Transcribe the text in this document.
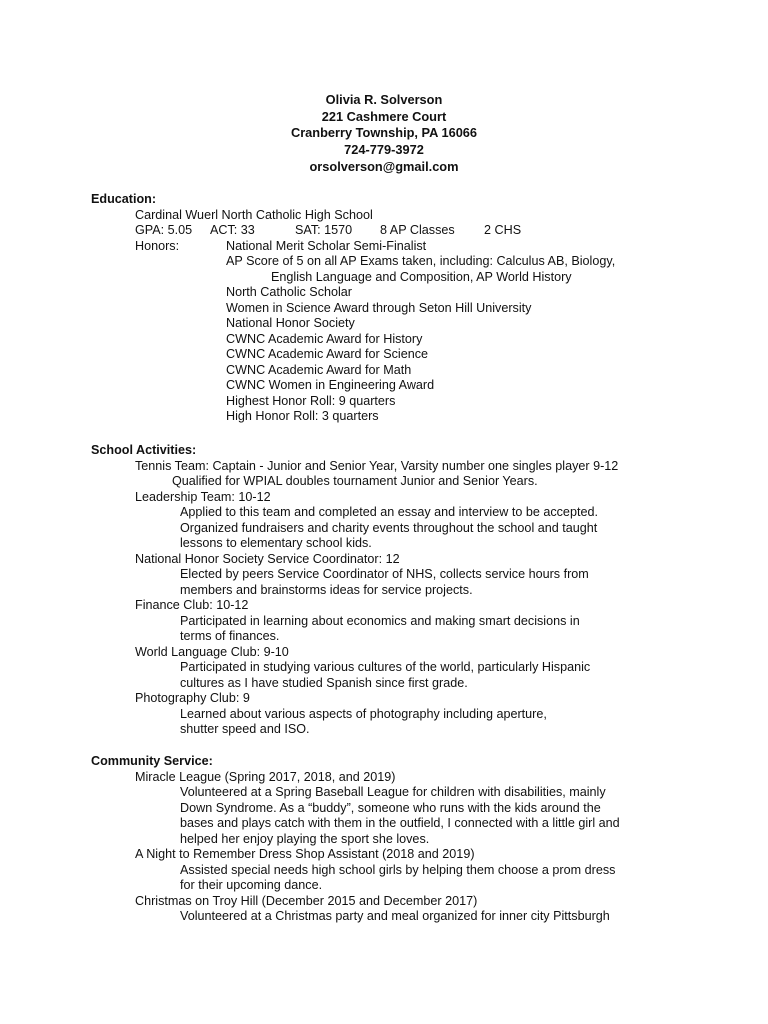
Olivia R. Solverson
221 Cashmere Court
Cranberry Township, PA 16066
724-779-3972
orsolverson@gmail.com
Education:
Cardinal Wuerl North Catholic High School
GPA: 5.05 ACT: 33	SAT: 1570 8 AP Classes 2 CHS
Honors:	National Merit Scholar Semi-Finalist
AP Score of 5 on all AP Exams taken, including: Calculus AB, Biology,
English Language and Composition, AP World History
North Catholic Scholar
Women in Science Award through Seton Hill University
National Honor Society
CWNC Academic Award for History
CWNC Academic Award for Science
CWNC Academic Award for Math
CWNC Women in Engineering Award
Highest Honor Roll: 9 quarters
High Honor Roll: 3 quarters
School Activities:
Tennis Team: Captain - Junior and Senior Year, Varsity number one singles player 9-12
Qualified for WPIAL doubles tournament Junior and Senior Years.
Leadership Team: 10-12
Applied to this team and completed an essay and interview to be accepted.
Organized fundraisers and charity events throughout the school and taught
lessons to elementary school kids.
National Honor Society Service Coordinator: 12
Elected by peers Service Coordinator of NHS, collects service hours from
members and brainstorms ideas for service projects.
Finance Club: 10-12
Participated in learning about economics and making smart decisions in
terms of finances.
World Language Club: 9-10
Participated in studying various cultures of the world, particularly Hispanic
cultures as I have studied Spanish since first grade.
Photography Club: 9
Learned about various aspects of photography including aperture,
shutter speed and ISO.
Community Service:
Miracle League (Spring 2017, 2018, and 2019)
Volunteered at a Spring Baseball League for children with disabilities, mainly
Down Syndrome. As a “buddy”, someone who runs with the kids around the
bases and plays catch with them in the outfield, I connected with a little girl and
helped her enjoy playing the sport she loves.
A Night to Remember Dress Shop Assistant (2018 and 2019)
Assisted special needs high school girls by helping them choose a prom dress
for their upcoming dance.
Christmas on Troy Hill (December 2015 and December 2017)
Volunteered at a Christmas party and meal organized for inner city Pittsburgh
